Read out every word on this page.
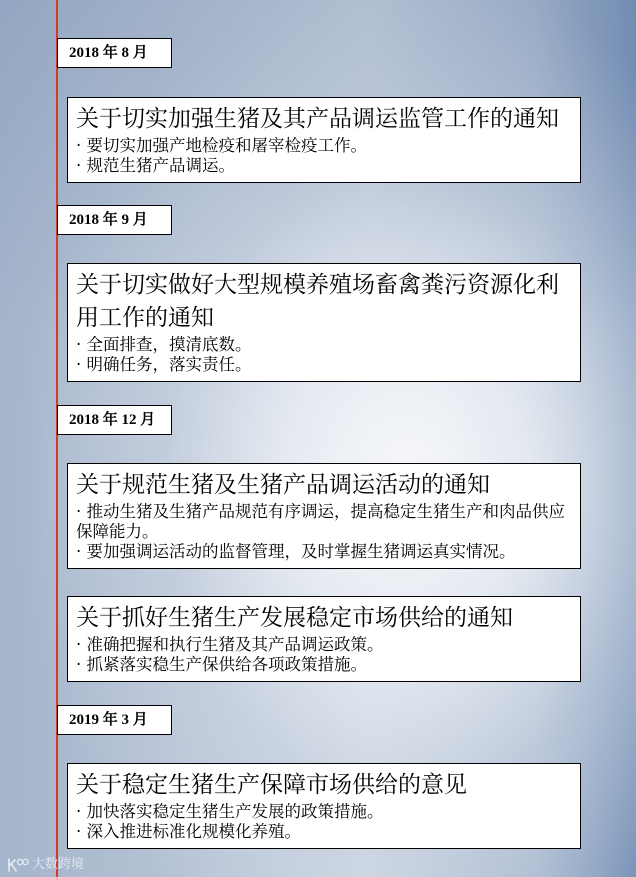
2018 年 8 月
关于切实加强生猪及其产品调运监管工作的通知
· 要切实加强产地检疫和屠宰检疫工作。
· 规范生猪产品调运。
2018 年 9 月
关于切实做好大型规模养殖场畜禽粪污资源化利用工作的通知
· 全面排查，摸清底数。
· 明确任务，落实责任。
2018 年 12 月
关于规范生猪及生猪产品调运活动的通知
· 推动生猪及生猪产品规范有序调运，提高稳定生猪生产和肉品供应保障能力。
· 要加强调运活动的监督管理，及时掌握生猪调运真实情况。
关于抓好生猪生产发展稳定市场供给的通知
· 准确把握和执行生猪及其产品调运政策。
· 抓紧落实稳生产保供给各项政策措施。
2019 年 3 月
关于稳定生猪生产保障市场供给的意见
· 加快落实稳定生猪生产发展的政策措施。
· 深入推进标准化规模化养殖。
大数跨境
